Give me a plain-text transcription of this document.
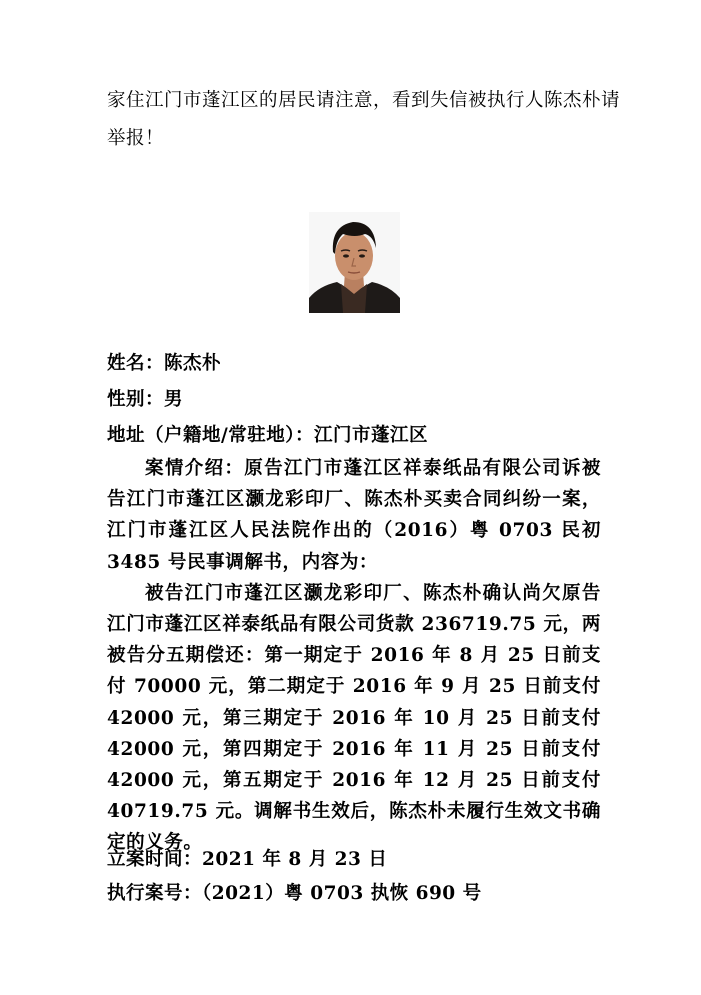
家住江门市蓬江区的居民请注意，看到失信被执行人陈杰朴请举报！
姓名：陈杰朴
性别：男
地址（户籍地/常驻地）：江门市蓬江区

案情介绍：原告江门市蓬江区祥泰纸品有限公司诉被告江门市蓬江区灏龙彩印厂、陈杰朴买卖合同纠纷一案，江门市蓬江区人民法院作出的（2016）粤 0703 民初 3485 号民事调解书，内容为：

被告江门市蓬江区灏龙彩印厂、陈杰朴确认尚欠原告江门市蓬江区祥泰纸品有限公司货款 236719.75 元，两被告分五期偿还：第一期定于 2016 年 8 月 25 日前支付 70000 元，第二期定于 2016 年 9 月 25 日前支付 42000 元，第三期定于 2016 年 10 月 25 日前支付 42000 元，第四期定于 2016 年 11 月 25 日前支付 42000 元，第五期定于 2016 年 12 月 25 日前支付 40719.75 元。调解书生效后，陈杰朴未履行生效文书确定的义务。

立案时间：2021 年 8 月 23 日
执行案号：（2021）粤 0703 执恢 690 号
